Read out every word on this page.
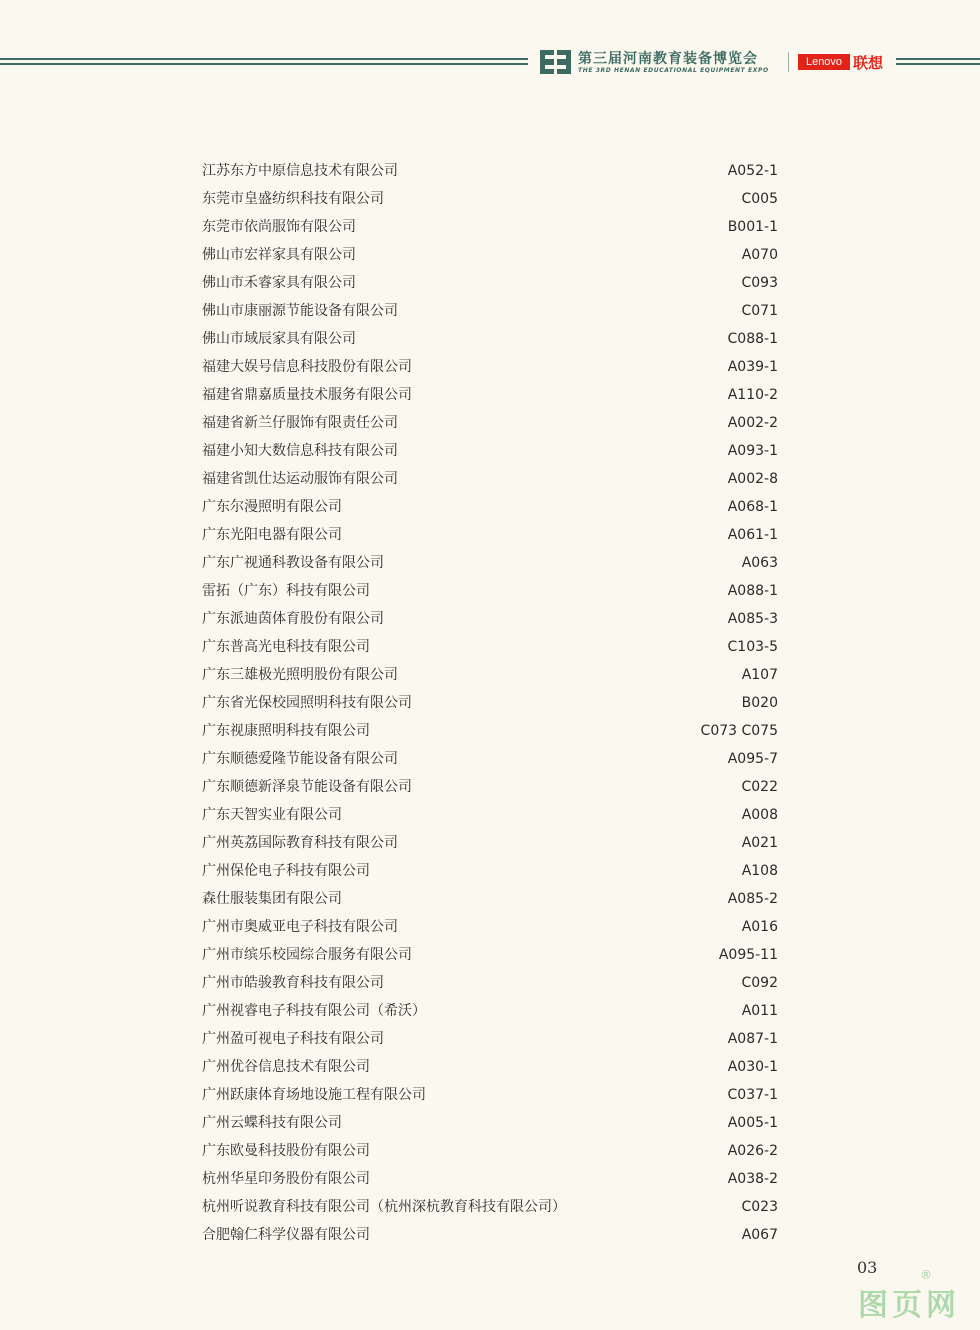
第三届河南教育装备博览会
THE 3RD HENAN EDUCATIONAL EQUIPMENT EXPO
Lenovo 联想
江苏东方中原信息技术有限公司	A052-1
东莞市皇盛纺织科技有限公司	C005
东莞市依尚服饰有限公司	B001-1
佛山市宏祥家具有限公司	A070
佛山市禾睿家具有限公司	C093
佛山市康丽源节能设备有限公司	C071
佛山市域辰家具有限公司	C088-1
福建大娱号信息科技股份有限公司	A039-1
福建省鼎嘉质量技术服务有限公司	A110-2
福建省新兰仔服饰有限责任公司	A002-2
福建小知大数信息科技有限公司	A093-1
福建省凯仕达运动服饰有限公司	A002-8
广东尔漫照明有限公司	A068-1
广东光阳电器有限公司	A061-1
广东广视通科教设备有限公司	A063
雷拓（广东）科技有限公司	A088-1
广东派迪茵体育股份有限公司	A085-3
广东普高光电科技有限公司	C103-5
广东三雄极光照明股份有限公司	A107
广东省光保校园照明科技有限公司	B020
广东视康照明科技有限公司	C073 C075
广东顺德爱隆节能设备有限公司	A095-7
广东顺德新泽泉节能设备有限公司	C022
广东天智实业有限公司	A008
广州英荔国际教育科技有限公司	A021
广州保伦电子科技有限公司	A108
森仕服装集团有限公司	A085-2
广州市奥威亚电子科技有限公司	A016
广州市缤乐校园综合服务有限公司	A095-11
广州市皓骏教育科技有限公司	C092
广州视睿电子科技有限公司（希沃）	A011
广州盈可视电子科技有限公司	A087-1
广州优谷信息技术有限公司	A030-1
广州跃康体育场地设施工程有限公司	C037-1
广州云蝶科技有限公司	A005-1
广东欧曼科技股份有限公司	A026-2
杭州华星印务股份有限公司	A038-2
杭州听说教育科技有限公司（杭州深杭教育科技有限公司）	C023
合肥翰仁科学仪器有限公司	A067
03
图页网
®
